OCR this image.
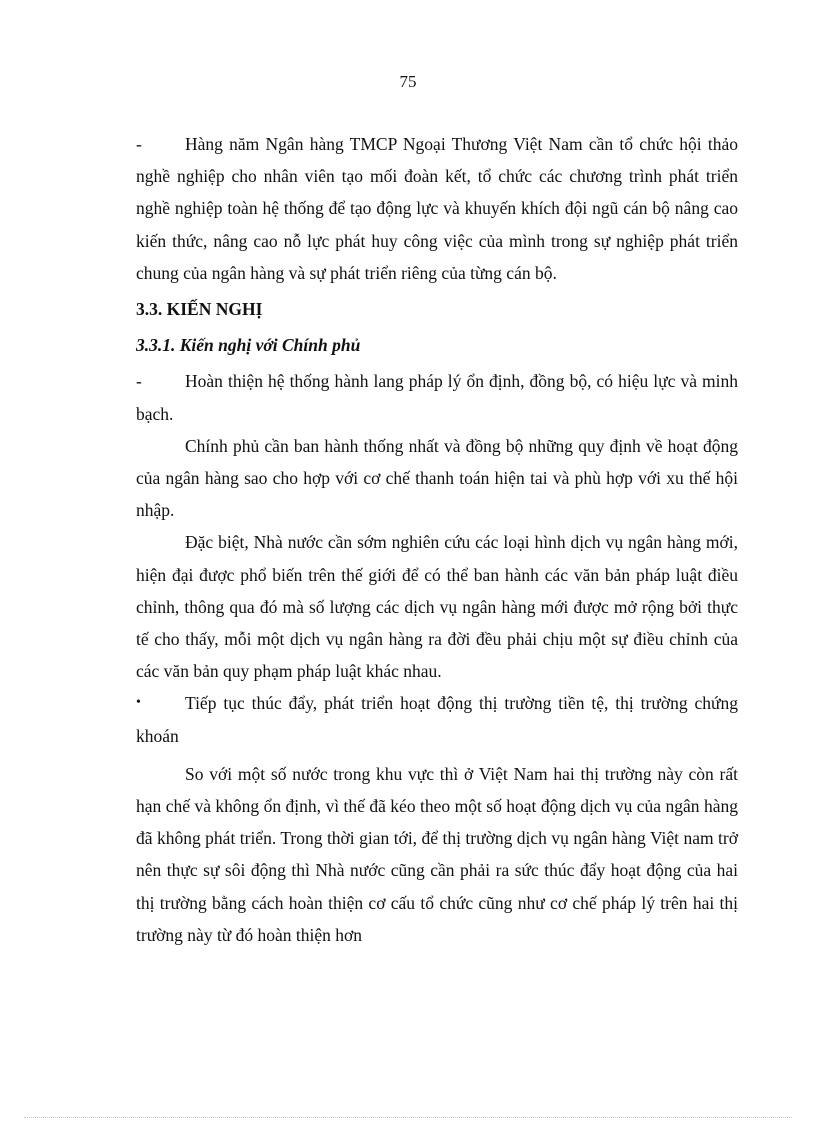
75

- Hàng năm Ngân hàng TMCP Ngoại Thương Việt Nam cần tổ chức hội thảo nghề nghiệp cho nhân viên tạo mối đoàn kết, tổ chức các chương trình phát triển nghề nghiệp toàn hệ thống để tạo động lực và khuyến khích đội ngũ cán bộ nâng cao kiến thức, nâng cao nỗ lực phát huy công việc của mình trong sự nghiệp phát triển chung của ngân hàng và sự phát triển riêng của từng cán bộ.

3.3. KIẾN NGHỊ

3.3.1. Kiến nghị với Chính phủ

- Hoàn thiện hệ thống hành lang pháp lý ổn định, đồng bộ, có hiệu lực và minh bạch.

Chính phủ cần ban hành thống nhất và đồng bộ những quy định về hoạt động của ngân hàng sao cho hợp với cơ chế thanh toán hiện tai và phù hợp với xu thế hội nhập.

Đặc biệt, Nhà nước cần sớm nghiên cứu các loại hình dịch vụ ngân hàng mới, hiện đại được phổ biến trên thế giới để có thể ban hành các văn bản pháp luật điều chỉnh, thông qua đó mà số lượng các dịch vụ ngân hàng mới được mở rộng bởi thực tế cho thấy, mỗi một dịch vụ ngân hàng ra đời đều phải chịu một sự điều chỉnh của các văn bản quy phạm pháp luật khác nhau.

•	Tiếp tục thúc đẩy, phát triển hoạt động thị trường tiền tệ, thị trường chứng khoán

So với một số nước trong khu vực thì ở Việt Nam hai thị trường này còn rất hạn chế và không ổn định, vì thế đã kéo theo một số hoạt động dịch vụ của ngân hàng đã không phát triển. Trong thời gian tới, để thị trường dịch vụ ngân hàng Việt nam trở nên thực sự sôi động thì Nhà nước cũng cần phải ra sức thúc đẩy hoạt động của hai thị trường bằng cách hoàn thiện cơ cấu tổ chức cũng như cơ chế pháp lý trên hai thị trường này từ đó hoàn thiện hơn
